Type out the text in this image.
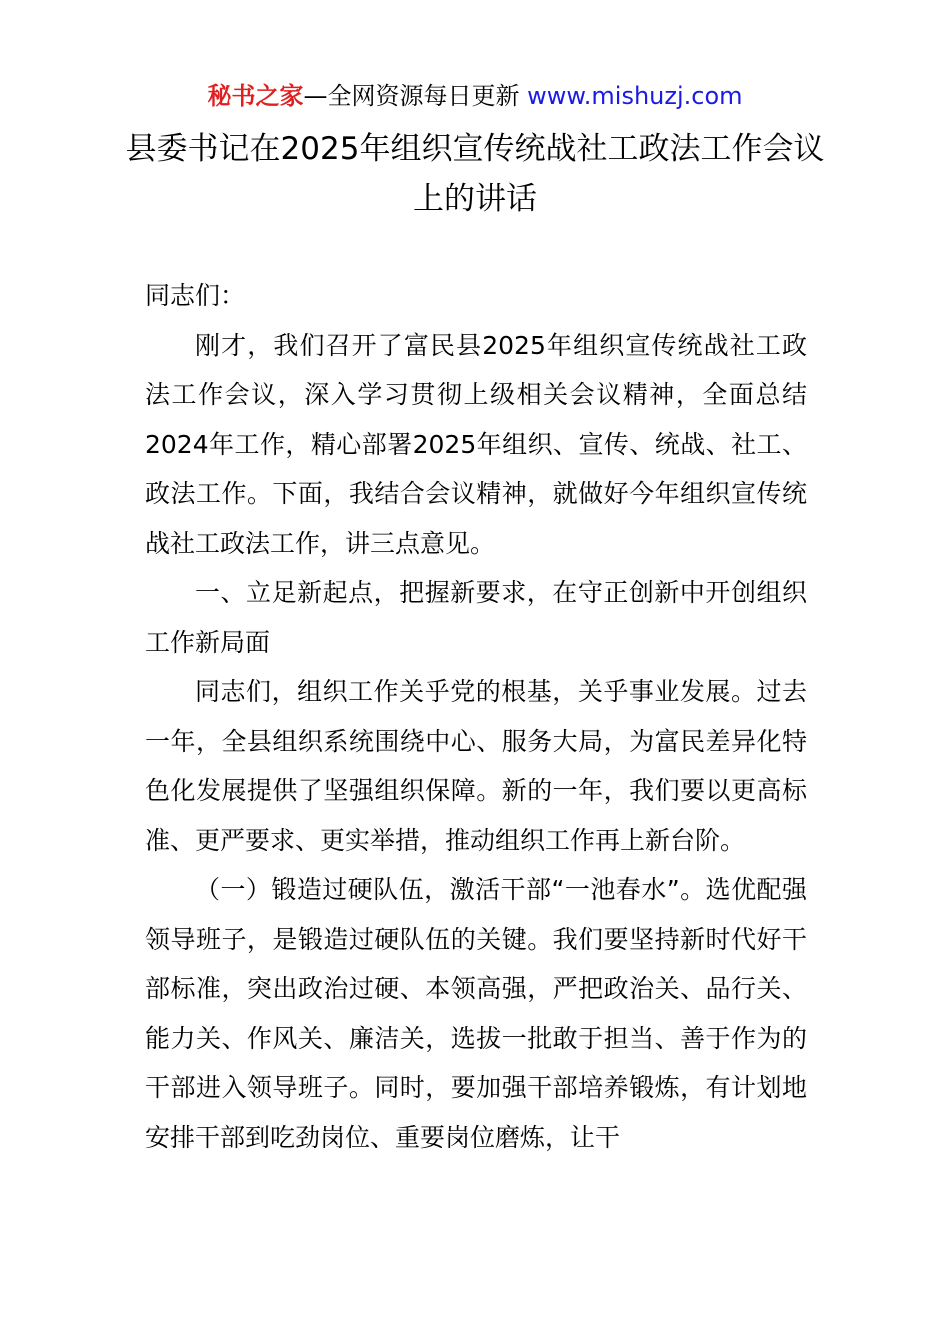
秘书之家—全网资源每日更新 www.mishuzj.com
县委书记在2025年组织宣传统战社工政法工作会议上的讲话

同志们：

刚才，我们召开了富民县2025年组织宣传统战社工政法工作会议，深入学习贯彻上级相关会议精神，全面总结2024年工作，精心部署2025年组织、宣传、统战、社工、政法工作。下面，我结合会议精神，就做好今年组织宣传统战社工政法工作，讲三点意见。

一、立足新起点，把握新要求，在守正创新中开创组织工作新局面

同志们，组织工作关乎党的根基，关乎事业发展。过去一年，全县组织系统围绕中心、服务大局，为富民差异化特色化发展提供了坚强组织保障。新的一年，我们要以更高标准、更严要求、更实举措，推动组织工作再上新台阶。

（一）锻造过硬队伍，激活干部“一池春水”。选优配强领导班子，是锻造过硬队伍的关键。我们要坚持新时代好干部标准，突出政治过硬、本领高强，严把政治关、品行关、能力关、作风关、廉洁关，选拔一批敢于担当、善于作为的干部进入领导班子。同时，要加强干部培养锻炼，有计划地安排干部到吃劲岗位、重要岗位磨炼，让干
